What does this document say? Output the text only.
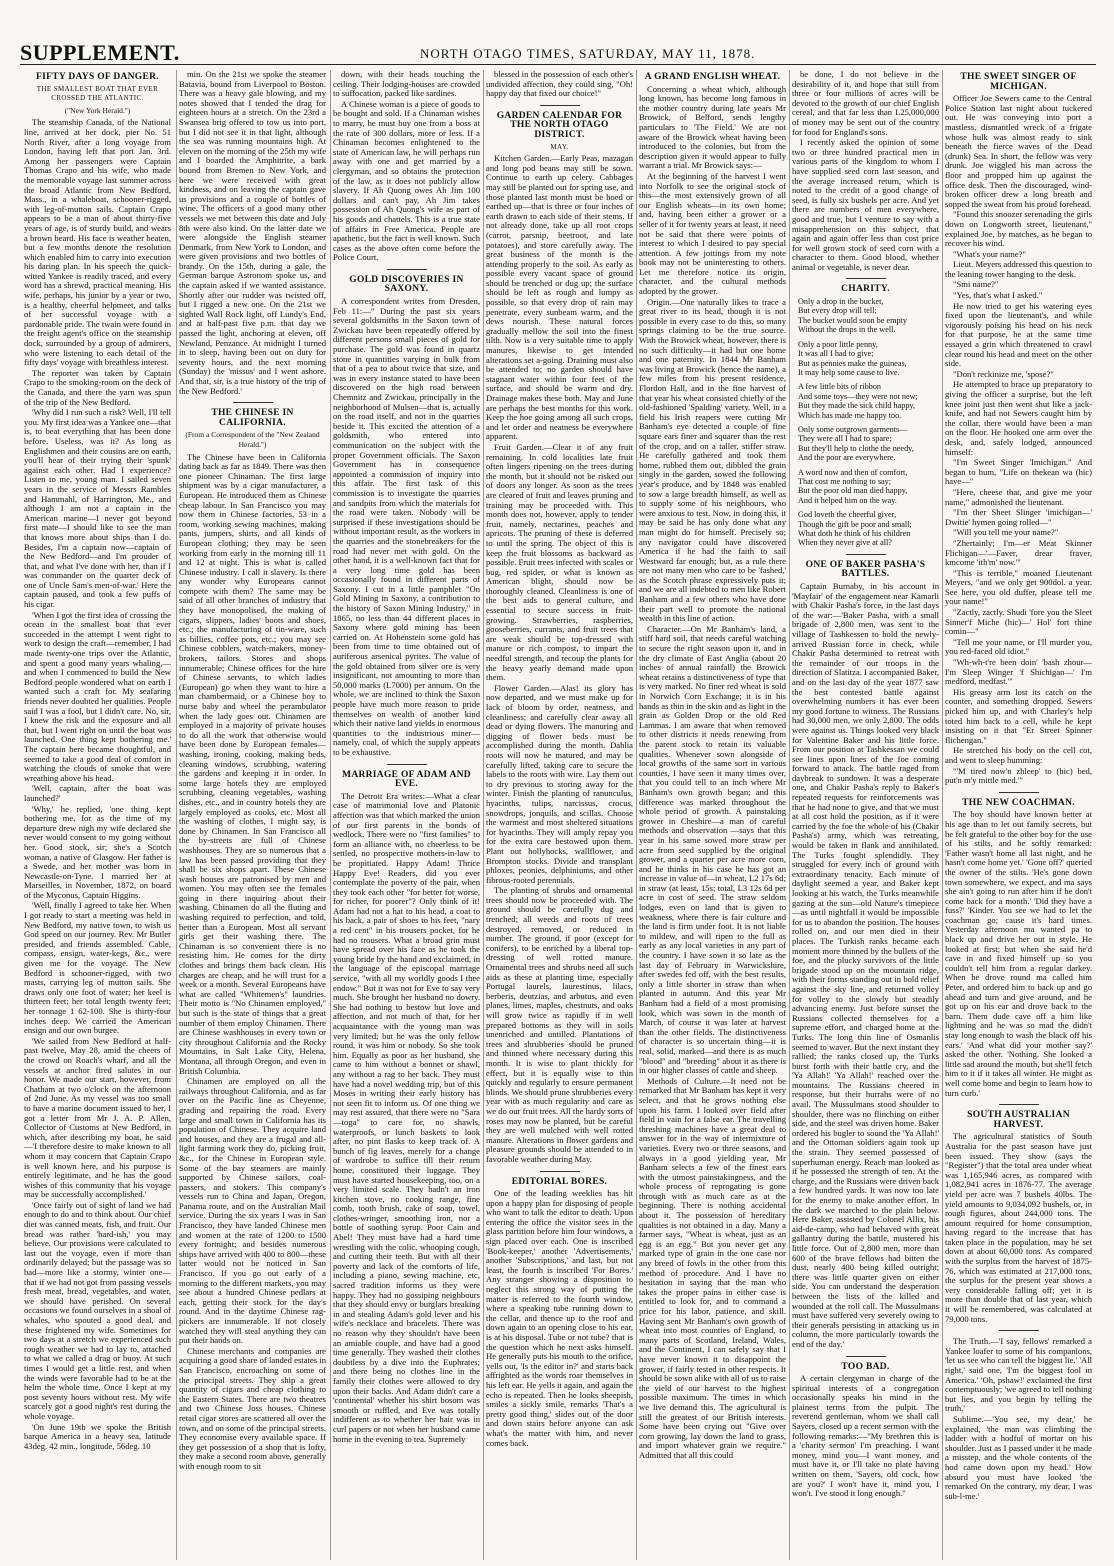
SUPPLEMENT.	NORTH OTAGO TIMES, SATURDAY, MAY 11, 1878.
FIFTY DAYS OF DANGER.
THE SMALLEST BOAT THAT EVER CROSSED THE ATLANTIC.
("New York Herald.")

The steamship Canada, of the National line, arrived at her dock, pier No. 51 North River, after a long voyage from London, having left that port Jan. 3rd. Among her passengers were Captain Thomas Crapo and his wife, who made the memorable voyage last summer across the broad Atlantic from New Bedford, Mass., in a whaleboat, schooner-rigged, with leg-of-mutton sails. Captain Crapo appears to be a man of about thirty-five years of age, is of sturdy build, and wears a brown beard. His face is weather beaten, but a few months denote the resolution which enabled him to carry into execution his daring plan. In his speech the quick-witted Yankee is readily traced, and every word has a shrewd, practical meaning. His wife, perhaps, his junior by a year or two, is a healthy, cheerful helpmeet, and talks of her successful voyage with a pardonable pride. The twain were found in the freight agent's office on the steamship dock, surrounded by a group of admirers, who were listening to each detail of the fifty days' voyage with breathless interest.

The reporter was taken by Captain Crapo to the smoking-room on the deck of the Canada, and there the yarn was spun of the trip of the New Bedford.

'Why did I run such a risk? Well, I'll tell you. My first idea was a Yankee one—that is, to beat everything that has been done before. Useless, was it? As long as Englishmen and their cousins are on earth, you'll hear of their trying their 'spunk' against each other. Had I experience? Listen to me, young man. I sailed seven years in the service of Messrs Rambles and Hammahl, of Harrington, Me., and although I am not a captain in the American marine—I never got beyond first mate—I should like to see the man that knows more about ships than I do. Besides, I'm a captain now—captain of the New Bedford—and I'm prouder of that, and what I've done with her, than if I was commander on the quarter deck of one of Uncle Sam's men-of-war.' Here the captain paused, and took a few puffs of his cigar.

'When I got the first idea of crossing the ocean in the smallest boat that ever succeeded in the attempt I went right to work to design the craft—remember, I had made twenty-one trips over the Atlantic, and spent a good many years whaling,—and when I commenced to build the New Bedford people wondered what on earth I wanted such a craft for. My seafaring friends never doubted her qualities. People said I was a fool, but I didn't care. No, sir, I knew the risk and the exposure and all that, but I went right on until the boat was launched. One thing kept bothering me.' The captain here became thoughtful, and seemed to take a good deal of comfort in watching the clouds of smoke that were wreathing above his head.

'Well, captain, after the boat was launched?'

'Why,' he replied, 'one thing kept bothering me, for as the time of my departure drew nigh my wife declared she never would consent to my going without her. Good stock, sir; she's a Scotch woman, a native of Glasgow. Her father is a Swede, and her mother was born in Newcastle-on-Tyne. I married her at Marseilles, in November, 1872, on board of the Myconus, Captain Higgins.

'Well, finally I agreed to take her. When I got ready to start a meeting was held in New Bedford, my native town, to wish us God speed on our journey. Rev. Mr Butler presided, and friends assembled. Cable, compass, ensign, water-kegs, &c., were given me for the voyage. The New Bedford is schooner-rigged, with two masts, carrying leg of mutton sails. She draws only one foot of water; her keel is thirteen feet; her total length twenty feet; her tonnage 1 62-100. She is thirty-four inches deep. We carried the American ensign and our own burgee.

'We sailed from New Bedford at half-past twelve, May 28, amid the cheers of the crowd on Roach's wharf, and all the vessels at anchor fired salutes in our honor. We made our start, however, from Chatham at two o'clock on the afternoon of 2nd June. As my vessel was too small to have a marine document issued to her, I got a letter from Mr J. A. P. Allen, Collector of Customs at New Bedford, in which, after describing my boat, he said—'I therefore desire to make known to all whom it may concern that Captain Crapo is well known here, and his purpose is entirely legitimate, and he has the good wishes of this community that his voyage may be successfully accomplished.'

'Once fairly out of sight of land we had enough to do and to think about. Our chief diet was canned meats, fish, and fruit. Our bread was rather 'hard-ish,' you may believe. Our provisions were calculated to last out the voyage, even if more than ordinarily delayed; but the passage was so bad—more like a stormy, winter one—that if we had not got from passing vessels fresh meat, bread, vegetables, and water, we should have perished. On several occasions we found ourselves in a shoal of whales, who spouted a good deal, and these frightened my wife. Sometimes for two days at a stretch we experienced such rough weather we had to lay to, attached to what we called a drag or buoy. At such times I would get a little rest, and when the winds were favorable had to be at the helm the whole time. Once I kept at my post seventy hours without rest. My wife scarcely got a good night's rest during the whole voyage.

'On June 19th we spoke the British barque America in a heavy sea, latitude 43deg. 42 min., longitude, 56deg. 10

min. On the 21st we spoke the steamer Batavia, bound from Liverpool to Boston. There was a heavy gale blowing, and my notes showed that I tended the drag for eighteen hours at a stretch. On the 23rd a Swansea brig offered to tow us into port, but I did not see it in that light, although the sea was running mountains high. At eleven on the morning of the 25th my wife and I boarded the Amphitrite, a bark bound from Bremen to New York, and here we were received with great kindness, and on leaving the captain gave us provisions and a couple of bottles of wine. The officers of a good many other vessels we met between this date and July 8th were also kind. On the latter date we were alongside the English steamer Denmark, from New York to London, and were given provisions and two bottles of brandy. On the 15th, during a gale, the German barque Astronom spoke us, and the captain asked if we wanted assistance. Shortly after our rudder was twisted off, but I rigged a new one. On the 21st we sighted Wall Rock light, off Lundy's End, and at half-past five p.m. that day we passed the light, anchoring at eleven, off Newland, Penzance. At midnight I turned in to sleep, having been out on duty for seventy hours, and the next morning (Sunday) the 'missus' and I went ashore. And that, sir, is a true history of the trip of the New Bedford.'

THE CHINESE IN CALIFORNIA.
(From a Correspondent of the "New Zealand Herald.")

The Chinese have been in California dating back as far as 1849. There was then one pioneer Chinaman. The first large shipment was by a cigar manufacturer, a European. He introduced them as Chinese cheap labour. In San Francisco you may now them in Chinese factories, 53 in a room, working sewing machines, making pants, jumpers, shirts, and all kinds of European clothing; they may be seen working from early in the morning till 11 and 12 at night. This is what is called Chinese industry. I call it slavery. Is there any wonder why Europeans cannot compete with them? The same may be said of all other branches of industry that they have monopolised, the making of cigars, slippers, ladies' boots and shoes, etc.; the manufacturing of tin-ware, such as billies, coffee pots, etc.; you may see Chinese cobblers, watch-makers, money-brokers, tailors. Stores and shops innumerable; Chinese offices for the hire of Chinese servants, to which ladies (European) go when they want to hire a man chambermaid, or a Chinese boy to nurse baby and wheel the perambulator when the lady goes out. Chinamen are employed in a majority of private houses to do all the work that otherwise would have been done by European females—washing, ironing, cooking, making beds, cleaning windows, scrubbing, watering the gardens and keeping it in order. In some large hotels they are employed scrubbing, cleaning vegetables, washing dishes, etc., and in country hotels they are largely employed as cooks, etc. Most all the washing of clothes, I might say, is done by Chinamen. In San Francisco all the by-streets are full of Chinese washhouses. They are so numerous that a law has been passed providing that they shall be six shops apart. These Chinese wash houses are patronised by men and women. You may often see the females going in there inquiring about their washing. Chinamen do all the fluting and washing required to perfection, and told, better than a European. Most all servant girls get their washing there. The Chinaman is so convenient there is no resisting him. He comes for the dirty clothes and brings them back clean. His charges are cheap, and he will trust for a week or a month. Several Europeans have what are called "Whitemen's" laundries. Their motto is "No Chinamen employed," but such is the state of things that a great number of them employ Chinamen. There are Chinese washhouses in every town or city throughout California and the Rocky Mountains, in Salt Lake City, Helena, Montana, all through Oregon, and even in British Columbia.

Chinamen are employed on all the railways throughout California, and as far over on the Pacific line as Cheyenne, grading and repairing the road. Every large and small town in California has its population of Chinese. They acquire land and houses, and they are a frugal and all-light farming work they do, picking fruit, &c., for the Chinese in European style. Some of the bay steamers are mainly supported by Chinese sailors, coal-passers, and stokers. This company's vessels run to China and Japan, Oregon, Panama route, and on the Australian Mail service. During the six years I was in San Francisco, they have landed Chinese men and women at the rate of 1200 to 1500 every fortnight; and besides numerous ships have arrived with 400 to 800—these latter would not be noticed in San Francisco. If you go out early of a morning to the different markets, you may see about a hundred Chinese pedlars at each, getting their stock for the day's round. And in the daytime Chinese rag-pickers are innumerable. If not closely watched they will steal anything they can put their hands on.

Chinese merchants and companies are acquiring a good share of landed estates in San Francisco, encroaching on some of the principal streets. They ship a great quantity of cigars and cheap clothing to the Eastern States. There are two theatres and two Chinese Joss houses. Chinese retail cigar stores are scattered all over the town, and on some of the principal streets. They economise every available space. If they get possession of a shop that is lofty, they make a second room above, generally with enough room to sit

down, with their heads touching the ceiling. Their lodging-houses are crowded to suffocation, packed like sardines.

A Chinese woman is a piece of goods to be bought and sold. If a Chinaman wishes to marry, he must buy one from a boss at the rate of 300 dollars, more or less. If a Chinaman becomes enlightened to the state of American law, he will perhaps run away with one and get married by a clergyman, and so obtains the protection of the law, as it does not publicly allow slavery. If Ah Quong owes Ah Jim 100 dollars and can't pay, Ah Jim takes possession of Ah Quong's wife as part of his goods and chattels. This is a true state of affairs in Free America. People are apathetic, but the fact is well known. Such cases as the above often come before the Police Court.

GOLD DISCOVERIES IN SAXONY.

A correspondent writes from Dresden, Feb 11:—" During the past six years several goldsmiths in the Saxon town of Zwickau have been repeatedly offered by different persons small pieces of gold for purchase. The gold was found in quartz stone in quantities varying in bulk from that of a pea to about twice that size, and was in every instance stated to have been discovered on the high road between Chemnitz and Zwickau, principally in the neighborhood of Mulsen—that is, actually on the road itself, and not in the quarries beside it. This excited the attention of a goldsmith, who entered into communication on the subject with the proper Government officials. The Saxon Government has in consequence appointed a commission of inquiry into this affair. The first task of this commission is to investigate the quarries and sandpits from which the materials for the road were taken. Nobody will be surprised if these investigations should be without important result, as the workers in the quarries and the stonebreakers for the road had never met with gold. On the other hand, it is a well-known fact that for a very long time gold has been occasionally found in different parts of Saxony. I cut in a little pamphlet "On Gold Mining in Saxony, a contribution to the history of Saxon Mining Industry," in 1865, no less than 44 different places in Saxony where gold mining has been carried on. At Hohenstein some gold has been from time to time obtained out of auriferous arsenical pyrites. The value of the gold obtained from silver ore is very insignificant, not amounting to more than 50,000 marks (L7000) per annum. On the whole, we are inclined to think the Saxon people have much more reason to pride themselves on wealth of another kind which their native land yields in enormous quantities to the industrious miner—namely, coal, of which the supply appears to be exhaustive.

MARRIAGE OF ADAM AND EVE.

The Detroit Era writes:—What a clear case of matrimonial love and Platonic affection was that which marked the union of our first parents in the bonds of wedlock. There were no "first families" to form an alliance with, no cheerless to be settled, no prospective mothers-in-law to be propitiated. Happy Adam! Thrice Happy Eve! Readers, did you ever contemplate the poverty of the pair, when they took each other "for better for worse, for richer, for poorer"? Only think of it! Adam had not a hat to his head, a coat to his back, a pair of shoes to his feet, "nary a red cent" in his trousers pocket, for he had no trousers. What a broad grin must have spread over his face as he took the young bride by the hand and exclaimed, in the language of the episcopal marriage service, "with all my worldly goods I thee endow." But it was not for Eve to say very much. She brought her husband no dowry. She had nothing to bestow but love and affection, and not much of that, for her acquaintance with the young man was very limited; but he was the only fellow round, it was him or nobody. So she took him. Equally as poor as her husband, she came to him without a bonnet or shawl, any without a rag to her back. They must have had a novel wedding trip, but of this Moses in writing their early history has not seen fit to inform us. Of one thing we may rest assured, that there were no "Sara—toga" to care for, no shawls, waterproofs, or lunch baskets to look after, no pint flasks to keep track of. A bunch of fig leaves, merely for a change of wardrobe to suffice till their return home, constituted their luggage. They must have started housekeeping, too, on a very limited scale. They hadn't an iron kitchen stove, no cooking range, fine comb, tooth brush, cake of soap, towel, clothes-wringer, smoothing iron, nor a bottle of soothing syrup. Poor Cain and Abel! They must have had a hard time wrestling with the colic, whooping cough, and cutting their teeth. But with all their poverty and lack of the comforts of life, including a piano, sewing machine, etc, sacred tradition informs us they were happy. They had no gossiping neighbours that they should envy or burglars breaking in and stealing Adam's gold lever and his wife's necklace and bracelets. There was no reason why they shouldn't have been an amiable couple, and have had a good time generally. They washed their clothes doubtless by a dive into the Euphrates; and there being no clothes line in the family their clothes were allowed to dry upon their backs. And Adam didn't care a 'continental' whether his shirt bosom was smooth or ruffled, and Eve was totally indifferent as to whether her hair was in curl papers or not when her husband came home in the evening to tea. Supremely

blessed in the possession of each other's undivided affection, they could sing, "Oh! happy day that fixed our choice!"

GARDEN CALENDAR FOR THE NORTH OTAGO DISTRICT.
MAY.

Kitchen Garden.—Early Peas, mazagan and long pod beans may still be sown. Continue to earth up celery. Cabbages may still be planted out for spring use, and those planted last month must be hoed or earthed up—that is three or four inches of earth drawn to each side of their stems. If not already done, take up all root crops (carrot, parsnip, beetroot, and late potatoes), and store carefully away. The great business of the month is the attending properly to the soil. As early as possible every vacant space of ground should be trenched or dug up; the surface should be left as rough and lumpy as possible, so that every drop of rain may penetrate, every sunbeam warm, and the dews nourish. These natural forces gradually mellow the soil into the finest tilth. Now is a very suitable time to apply manures, likewise to get intended alterations set a-going. Draining must also be attended to; no garden should have stagnant water within four feet of the surface, and should be warm and dry. Drainage makes these both. May and June are perhaps the best months for this work. Keep the hoe going among all such crops, and let order and neatness be everywhere apparent.

Fruit Garden.—Clear it of any fruit remaining. In cold localities late fruit often lingers ripening on the trees during the month, but it should not be risked out of doors any longer. As soon as the trees are cleared of fruit and leaves pruning and training may be proceeded with. This month does not, however, apply to tender fruit, namely, nectarines, peaches and apricots. The pruning of these is deferred to until the spring. The object of this is keep the fruit blossoms as backward as possible. Fruit trees infected with scales or bug, red spider, or what is known as American blight, should now be thoroughly cleaned. Cleanliness is one of the best aids to general culture, and essential to secure success in fruit-growing. Strawberries, raspberries, gooseberries, currants, and fruit trees that are weak should be top-dressed with manure or rich compost, to impart the needful strength, and recoup the plants for the heavy yearly demand made upon them.

Flower Garden.—Alas! its glory has now departed, and we must make up for lack of bloom by order, neatness, and cleanliness; and carefully clear away all dead or dying flowers. The manuring and digging of flower beds must be accomplished during the month. Dahlia roots will now be matured, and may be carefully lifted, taking care to secure the labels to the roots with wire. Lay them out to dry previous to storing away for the winter. Finish the planting of ranunculus, hyacinths, tulips, narcissus, crocus, snowdrops, jonquils, and scillas. Choose the warmest and most sheltered situations for hyacinths. They will amply repay you for the extra care bestowed upon them. Plant out hollyhocks, wallflower, and Brompton stocks. Divide and transplant phloxes, peonies, delphiniums, and other fibrous-rooted perennials.

The planting of shrubs and ornamental trees should now be proceeded with. The ground should be carefully dug and trenched; all weeds and roots of trees destroyed, removed, or reduced in number. The ground, if poor (except for conifers), to be enriched by a liberal top-dressing of well rotted manure. Ornamental trees and shrubs need all such aids as these at planting time, especially Portugal laurels, laurestinus, lilacs, berberis, deutzias, and arbutus, and even planes, limes, maples, chestnuts, and oaks will grow twice as rapidly if in well prepared bottoms as they will in soils unenriched and untilled. Plantations of trees and shrubberies should be pruned and thinned where necessary during this month. It is wise to plant thickly for effect, but it is equally wise to thin quickly and regularly to ensure permanent blinds. We should prune shrubberies every year with as much regularity and care as we do our fruit trees. All the hardy sorts of roses may now be planted, but be careful they are well mulched with well rotted manure. Alterations in flower gardens and pleasure grounds should be attended to in favorable weather during May.

EDITORIAL BORES.

One of the leading weeklies has hit upon a happy plan for disposing of people who want to talk the editor to death. Upon entering the office the visitor sees in the glass partition before him four windows, a sign placed over each. One is inscribed 'Book-keeper,' another 'Advertisements,' another 'Subscriptions,' and last, but not least, the fourth is inscribed 'For Bores.' Any stranger showing a disposition to neglect this strong way of putting the matter is referred to the fourth window, where a speaking tube running down to the cellar, and thence up to the roof and down again to an opening close to his ear, is at his disposal. Tube or not tube? that is the question which he next asks himself. He generally puts his mouth to the orifice, yells out, 'Is the editor in?' and starts back affrighted as the words roar themselves in his left ear. He yells it again, and again the echo is repeated. Then he looks sheepish, smiles a sickly smile, remarks 'That's a pretty good thing,' slides out of the door and down stairs before anyone can ask what's the matter with him, and never comes back.

A GRAND ENGLISH WHEAT.

Concerning a wheat which, although long known, has become long famous in the mother country during late years Mr Browick, of Belford, sends lengthy particulars to 'The Field.' We are not aware of the Browick wheat having been introduced to the colonies, but from the description given it would appear to fully warrant a trial. Mr Browick says:—

At the beginning of the harvest I went into Norfolk to see the original stock of this—the most extensively grown of all our English wheats—in its own home; and, having been either a grower or a seller of it for twenty years at least, it need not be said that there were points of interest to which I desired to pay special attention. A few jottings from my note book may not be uninteresting to others. Let me therefore notice its origin, character, and the cultural methods adopted by the grower.

Origin.—One naturally likes to trace a great river to its head, though it is not possible in every case to do this, so many springs claiming to be the true source. With the Browick wheat, however, there is no such difficulty—it had but one home and one paternity. In 1844 Mr Banham was living at Browick (hence the name), a few miles from his present residence, Flordon Hall, and in the fine harvest of that year his wheat consisted chiefly of the old-fashioned 'Spalding' variety. Well, in a field his Irish reapers were cutting Mr Banham's eye detected a couple of fine square ears finer and squarer than the rest of the crop, and on a taller, stiffer straw. He carefully gathered and took them home, rubbed them out, dibbled the grain singly in the garden, sowed the following year's produce, and by 1848 was enabled to sow a large breadth himself, as well as to supply some of his neighbours, who were anxious to test. Now, in doing this, it may be said he has only done what any man might do for himself. Precisely so; any navigator could have discovered America if he had the faith to sail Westward far enough; but, as a rule there are not many men who care to be 'fashed,' as the Scotch phrase expressively puts it; and we are all indebted to men like Robert Banham and a few others who have done their part well to promote the national wealth in this line of action.

Character.—On Mr Banham's land, a stiff hard soil, that needs careful watching to secure the right season upon it, and in the dry climate of East Anglia (about 20 inches of annual rainfall) the Browick wheat retains a distinctiveness of type that is very marked. No finer red wheat is sold in Norwich Corn Exchange; it is in his hands as thin in the skin and as light in the grain as Golden Drop or the old Red Lammas. I am aware that when removed to other districts it needs renewing from the parent stock to retain its valuable qualities. Whenever sown alongside of local growths of the same sort in various counties, I have seen it many times over, that you could tell to an inch where Mr Banham's own growth began; and this difference was marked throughout the whole period of growth. A painstaking grower in Cheshire—a man of careful methods and observation —says that this year in his same sowed more straw per acre from seed supplied by the original grower, and a quarter per acre more corn, and he thinks in his case he has got an increase in value of—in wheat, L2 17s 6d; in straw (at least, 15s; total, L3 12s 6d per acre in cost of seed. The straw seldom lodges, even on land that is given to weakness, where there is fair culture and the land is firm under foot. It is not liable to mildew, and will ripen to the full as early as any local varieties in any part of the country. I have sown it so late as the last day of February in Warwickshire, after swedes fed off, with the best results, only a little shorter in straw than when planted in autumn. And this year Mr Banham had a field of a most promising look, which was sown in the month of March, of course it was later at harvest than the other fields. The distinctiveness of character is so uncertain thing—it is real, solid, marked—and there is as much "blood" and "breeding" about it as there is in our higher classes of cattle and sheep.

Methods of Culture.—It need not be remarked that Mr Banham has kept it very select, and that he grows nothing else upon his farm. I looked over field after field in vain for a false ear. The travelling threshing machines have a great deal to answer for in the way of intermixture of varieties. Every two or three seasons, and always in a good yielding year, Mr Banham selects a few of the finest ears with the utmost painstakingness, and the whole process of reprogating is gone through with as much care as at the beginning. There is nothing accidental about it. The possession of hereditary qualities is not obtained in a day. Many a farmer says, "Wheat is wheat, just as an egg is an egg." But you never get any marked type of grain in the one case nor any breed of fowls in the other from this method of procedure. And I have no hesitation in saying that the man who takes the proper pains in either case is entitled to look for, and to command a price for his labor, patience, and skill. Having sent Mr Banham's own growth of wheat into most counties of England, to many parts of Scotland, Ireland, Wales, and the Continent, I can safely say that I have never known it to disappoint the grower, if fairly tested in other respects. It should be sown alike with all of us to raise the yield of our harvest to the highest possible maximum. The times in which we live demand this. The agricultural is still the greatest of our British interests. Some have been crying out "Give over corn growing, lay down the land to grass, and import whatever grain we require." Admitted that all this could

be done, I do not believe in the desirability of it, and hope that still from three or four millions of acres will be devoted to the growth of our chief English cereal, and that far less than L25,000,000 of money may be sent out of the country for food for England's sons.

I recently asked the opinion of some two or three hundred practical men in various parts of the kingdom to whom I have supplied seed corn last season, and the average increased return, which is noted to the credit of a good change of seed, is fully six bushels per acre. And yet there are numbers of men everywhere, good and true, but I venture to say with a misapprehension on this subject, that again and again offer less than cost price for well grown stock of seed corn with a character to them. Good blood, whether animal or vegetable, is never dear.

CHARITY.

Only a drop in the bucket,

But every drop will tell;

The bucket would soon be empty

Without the drops in the well.

Only a poor little penny,

It was all I had to give;

But as pennies make the guineas,

It may help some cause to live.

A few little bits of ribbon

And some toys—they were not new;

But they made the sick child happy,

Which has made me happy too.

Only some outgrown garments—

They were all I had to spare;

But they'll help to clothe the needy,

And the poor are everywhere.

A word now and then of comfort,

That cost me nothing to say;

But the poor old man died happy,

And it helped him on the way.

God loveth the cheerful giver,

Though the gift be poor and small;

What doth he think of his children

When they never give at all?

ONE OF BAKER PASHA'S BATTLES.

Captain Burnaby, in his account in 'Mayfair' of the engagement near Kamarli with Chakir Pasha's force, in the last days of the war:—'Baker Pasha, with a small brigade of 2,800 men, was sent to the village of Tashkessen to hold the newly-arrived Russian force in check, while Chakir Pasha determined to retreat with the remainder of our troops in the direction of Slatitza. I accompanied Baker, and on the last day of the year 1877 saw the best contested battle against overwhelming numbers it has ever been my good fortune to witness. The Russians had 30,000 men, we only 2,800. The odds were against us. Things looked very black for Valentine Baker and his little force. From our position at Tashkessan we could see lines upon lines of the foe coming forward to attack. The battle raged from daybreak to sundown. It was a desperate one, and Chakir Pasha's reply to Baker's repeated requests for reinforcements was that he had none to give, and that we must at all cost hold the position, as if it were carried by the foe the whole of his (Chakir Pasha's) army, which was retreating, would be taken in flank and annihilated. The Turks fought splendidly. They struggled for every inch of ground with extraordinary tenacity. Each minute of daylight seemed a year, and Baker kept looking at his watch, the Turks meanwhile gazing at the sun—old Nature's timepiece—as until nightfall it would be impossible for us to abandon the position. The houses rolled on, and our men died in their places. The Turkish ranks became each moment more thinned by the bullets of the foe, and the plucky survivors of the little brigade stood up on the mountain ridge, with their forms standing out in bold relief against the sky line, and returned volley for volley to the slowly but steadily advancing enemy. Just before sunset the Russians collected themselves for a supreme effort, and charged home at the Turks. The long thin line of Osmanlis seemed to waver. But the next instant they rallied; the ranks closed up, the Turks burst forth with their battle cry, and the 'Ya Allah!' 'Ya Allah!' reached over the mountains. The Russians cheered in response, but their hurrahs were of no avail. The Mussulmans stood shoulder to shoulder, there was no flinching on either side, and the steel was driven home. Baker ordered his bugler to sound the 'Ya Allah!' and the Ottoman soldiers again took up the strain. They seemed possessed of superhuman energy. Reach man looked as if he possessed the strength of ten. At the charge, and the Russians were driven back a few hundred yards. It was now too late for the enemy to make another effort. In the dark we marched to the plain below. Here Baker, assisted by Colonel Allix, his aid-de-camp, who had behaved with great gallantry during the battle, mustered his little force. Out of 2,800 men, more than 600 of the brave fellows had bitten the dust, nearly 400 being killed outright; there was little quarter given on either side. You can understand the desperation between the lists of the killed and wounded at the roll call. The Mussulmans must have suffered very severely owing to their generals persisting in attacking us in column, the more particularly towards the end of the day.'

TOO BAD.

A certain clergyman in charge of the spiritual interests of a congregation occasionally speaks his mind in the plainest terms from the pulpit. The reverend gentleman, whom we shall call Sayers, closed up a recent sermon with the following remarks:—"My brethren this is a 'charity sermon' I'm preaching. I want money, mind you—I want money, and must have it, or I'll take no plate having written on them, 'Sayers, old cock, how are you?' I won't have it, mind you, I won't. I've stood it long enough."

THE SWEET SINGER OF MICHIGAN.

Officer Joe Sewers came to the Central Police Station last night about tuckered out. He was conveying into port a mastless, dismantled wreck of a frigate whose hulk was almost ready to sink beneath the fierce waves of the Dead (drunk) Sea. In short, the fellow was very drunk. Joe wiggled his man across the floor and propped him up against the office desk. Then the discouraged, wind-broken officer drew a long breath and sopped the sweat from his proud forehead.

"Found this snoozer serenading the girls down on Longworth street, lieutenant," explained Joe, by matches, as he began to recover his wind.

"What's your name?"

Lieut. Meyers addressed this question to the leaning tower hanging to the desk.

"Smi name?"

"Yes, that's what I asked."

He now tried to get his watering eyes fixed upon the lieutenant's, and while vigorously poising his head on his neck for that purpose, he at the same time essayed a grin which threatened to crawl clear round his head and meet on the other side.

"Don't reckinize me, 'spose?"

He attempted to brace up preparatory to giving the officer a surprise, but the left knee joint just then went shut like a jack-knife, and had not Sewers caught him by the collar, there would have been a man on the floor. He hooked one arm over the desk, and, safely lodged, announced himself:

"I'm Sweet Singer 'Imichigan." And began to hum, "Life on thekean wa (hic) have—"

"Here, cheese that, and give me your name," admonished the lieutenant.

"I'm ther Sheet Slinger 'imichigan—' Dwitie' hymen going rolled—"

"Will you tell me your name?"

"Zhertainly; I'm—er Meat Skinner Flichigan—'—Faver, drear fraver, kmcome 'ith'm' now.'"

"This is terrible," moaned Lieutenant Meyers, "and we only get 900dol. a year. See here, you old duffer, please tell me your name!"

"Zactly, zactly. Shudi 'fore you the Sleet Sinner'f Miche (hic)—' Hol' fort thine comin—"

"Tell me your name, or I'll murder you, you red-faced old idiot."

"Wh-wh-t're been doin' 'bash zhour—I'm Sleep Winger 'f Shichigan—' I'm medford, medfast.'"

His greasy arm lost its catch on the counter, and something dropped. Sewers picked him up, and with Charley's help toted him back to a cell, while he kept insisting on it that "Er Street Spinner flichengan."

He stretched his body on the cell cot, and went to sleep humming:

"'M tired now'n zhleep' to (hic) bed, put'n m'y mittle med.'"

THE NEW COACHMAN.

The boy should have known better at his age than to let out family secrets, but he felt grateful to the other boy for the use of his stilts, and he softly remarked: 'Father wasn't home all last night, and he hasn't come home yet.' 'Gone off?' queried the owner of the stilts. 'He's gone down town somewhere, we expect, and ma says she ain't going to run after him if he don't come back for a month.' 'Did they have a fuss?' 'Kinder. You see we had to let the coachman go; cause it's hard times. Yesterday afternoon ma wanted pa to black up and drive her out in style. He looked at first; but when she said he'd cave in and fixed himself up so you couldn't tell him from a regular darkey. When he drove round ma called him Peter, and ordered him to back up and go ahead and turn and give around, and he got up on his ear and drove back to the barn. Them dude cave off a him like lightning and he was so mad the didn't stay long enough to wash the black off his ears.' 'And what did your mother say?' asked the other. 'Nothing. She looked a little sad around the mouth, but she'll fetch him to it if it takes all winter. He might as well come home and begin to learn how to turn curb.'

SOUTH AUSTRALIAN HARVEST.

The agricultural statistics of South Australia for the past season have just been issued. They show (says the "Register") that the total area under wheat was 1,165,946 acres, as compared with 1,082,941 acres in 1876-77. The average yield per acre was 7 bushels 40lbs. The yield amounts to 9,034,092 bushels, or, in rough figures, about 244,000 tons. The amount required for home consumption, having regard to the increase that has taken place in the population, may be set down at about 60,000 tons. As compared with the surplus from the harvest of 1875-76, which was estimated at 217,000 tons, the surplus for the present year shows a very considerable falling off; yet it is more than double that of last year, which it will be remembered, was calculated at 79,000 tons.

The Truth.—'I say, fellows' remarked a Yankee loafer to some of his companions, 'let us see who can tell the biggest lie.' 'All right,' said one, 'I'm the biggest fool in America.' 'Oh, pshaw!' exclaimed the first contemptuously; 'we agreed to tell nothing but lies, and you begin by telling the truth.'

Sublime.—'You see, my dear,' he explained, 'the man was climbing the ladder with a hodful of mortar on his shoulder. Just as I passed under it he made a misstep, and the whole contents of the hod came down upon my head.' How absurd you must have looked 'the remarked On the contrary, my dear, I was sub-l-me.'
